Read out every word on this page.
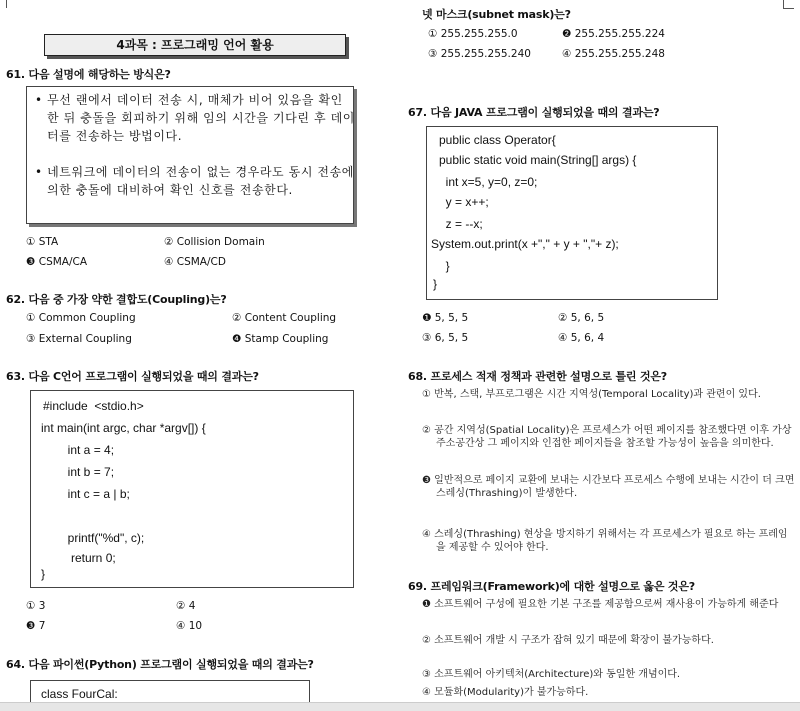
4과목 : 프로그래밍 언어 활용
61. 다음 설명에 해당하는 방식은?
• 무선 랜에서 데이터 전송 시, 매체가 비어 있음을 확인한 뒤 충돌을 회피하기 위해 임의 시간을 기다린 후 데이터를 전송하는 방법이다.
• 네트워크에 데이터의 전송이 없는 경우라도 동시 전송에 의한 충돌에 대비하여 확인 신호를 전송한다.
① STA	② Collision Domain
❸ CSMA/CA	④ CSMA/CD
62. 다음 중 가장 약한 결합도(Coupling)는?
① Common Coupling	② Content Coupling
③ External Coupling	❹ Stamp Coupling
63. 다음 C언어 프로그램이 실행되었을 때의 결과는?
#include  <stdio.h>
int main(int argc, char *argv[]) {
int a = 4;
int b = 7;
int c = a | b;
printf("%d", c);
return 0;
}
① 3	② 4
❸ 7	④ 10
64. 다음 파이썬(Python) 프로그램이 실행되었을 때의 결과는?
class FourCal:
넷 마스크(subnet mask)는?
① 255.255.255.0	❷ 255.255.255.224
③ 255.255.255.240	④ 255.255.255.248
67. 다음 JAVA 프로그램이 실행되었을 때의 결과는?
public class Operator{
public static void main(String[] args) {
int x=5, y=0, z=0;
y = x++;
z = --x;
System.out.print(x +"," + y + ","+ z);
}
}
❶ 5, 5, 5	② 5, 6, 5
③ 6, 5, 5	④ 5, 6, 4
68. 프로세스 적재 정책과 관련한 설명으로 틀린 것은?
① 반복, 스택, 부프로그램은 시간 지역성(Temporal Locality)과 관련이 있다.
② 공간 지역성(Spatial Locality)은 프로세스가 어떤 페이지를 참조했다면 이후 가상주소공간상 그 페이지와 인접한 페이지들을 참조할 가능성이 높음을 의미한다.
❸ 일반적으로 페이지 교환에 보내는 시간보다 프로세스 수행에 보내는 시간이 더 크면 스레싱(Thrashing)이 발생한다.
④ 스레싱(Thrashing) 현상을 방지하기 위해서는 각 프로세스가 필요로 하는 프레임을 제공할 수 있어야 한다.
69. 프레임워크(Framework)에 대한 설명으로 옳은 것은?
❶ 소프트웨어 구성에 필요한 기본 구조를 제공함으로써 재사용이 가능하게 해준다
② 소프트웨어 개발 시 구조가 잡혀 있기 때문에 확장이 불가능하다.
③ 소프트웨어 아키텍처(Architecture)와 동일한 개념이다.
④ 모듈화(Modularity)가 불가능하다.
